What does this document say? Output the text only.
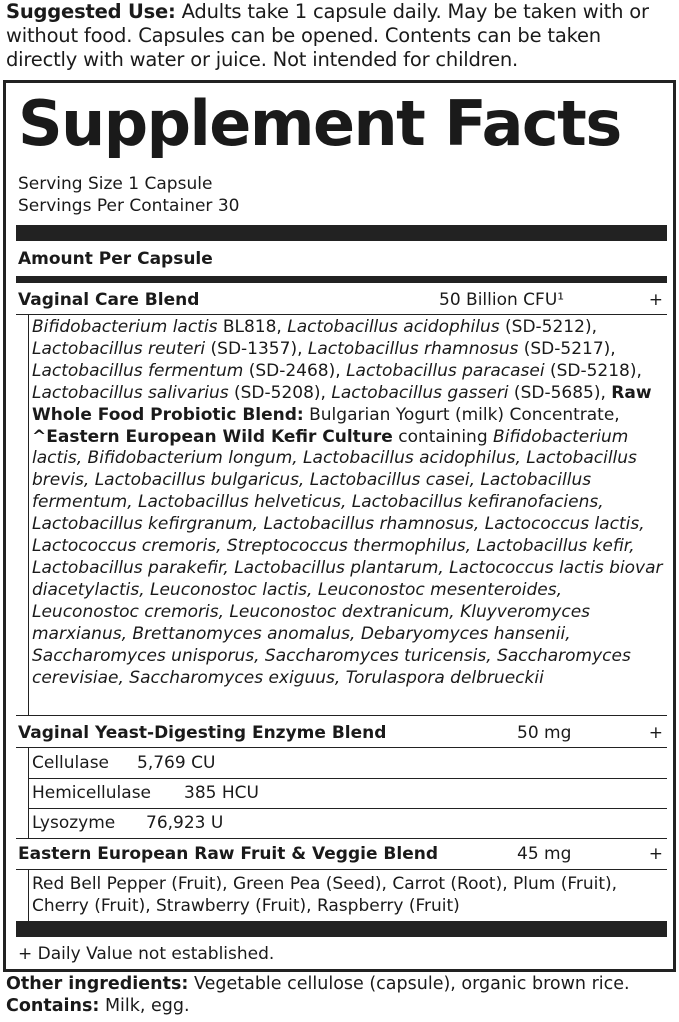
Suggested Use: Adults take 1 capsule daily. May be taken with or without food. Capsules can be opened. Contents can be taken directly with water or juice. Not intended for children.
Supplement Facts
Serving Size 1 Capsule
Servings Per Container 30
Amount Per Capsule
Vaginal Care Blend	50 Billion CFU¹	+
Bifidobacterium lactis BL818, Lactobacillus acidophilus (SD-5212), Lactobacillus reuteri (SD-1357), Lactobacillus rhamnosus (SD-5217), Lactobacillus fermentum (SD-2468), Lactobacillus paracasei (SD-5218), Lactobacillus salivarius (SD-5208), Lactobacillus gasseri (SD-5685), Raw Whole Food Probiotic Blend: Bulgarian Yogurt (milk) Concentrate, ^Eastern European Wild Kefir Culture containing Bifidobacterium lactis, Bifidobacterium longum, Lactobacillus acidophilus, Lactobacillus brevis, Lactobacillus bulgaricus, Lactobacillus casei, Lactobacillus fermentum, Lactobacillus helveticus, Lactobacillus kefiranofaciens, Lactobacillus kefirgranum, Lactobacillus rhamnosus, Lactococcus lactis, Lactococcus cremoris, Streptococcus thermophilus, Lactobacillus kefir, Lactobacillus parakefir, Lactobacillus plantarum, Lactococcus lactis biovar diacetylactis, Leuconostoc lactis, Leuconostoc mesenteroides, Leuconostoc cremoris, Leuconostoc dextranicum, Kluyveromyces marxianus, Brettanomyces anomalus, Debaryomyces hansenii, Saccharomyces unisporus, Saccharomyces turicensis, Saccharomyces cerevisiae, Saccharomyces exiguus, Torulaspora delbrueckii
Vaginal Yeast-Digesting Enzyme Blend	50 mg	+
Cellulase 5,769 CU
Hemicellulase 385 HCU
Lysozyme 76,923 U
Eastern European Raw Fruit & Veggie Blend	45 mg	+
Red Bell Pepper (Fruit), Green Pea (Seed), Carrot (Root), Plum (Fruit), Cherry (Fruit), Strawberry (Fruit), Raspberry (Fruit)
+ Daily Value not established.
Other ingredients: Vegetable cellulose (capsule), organic brown rice.
Contains: Milk, egg.
